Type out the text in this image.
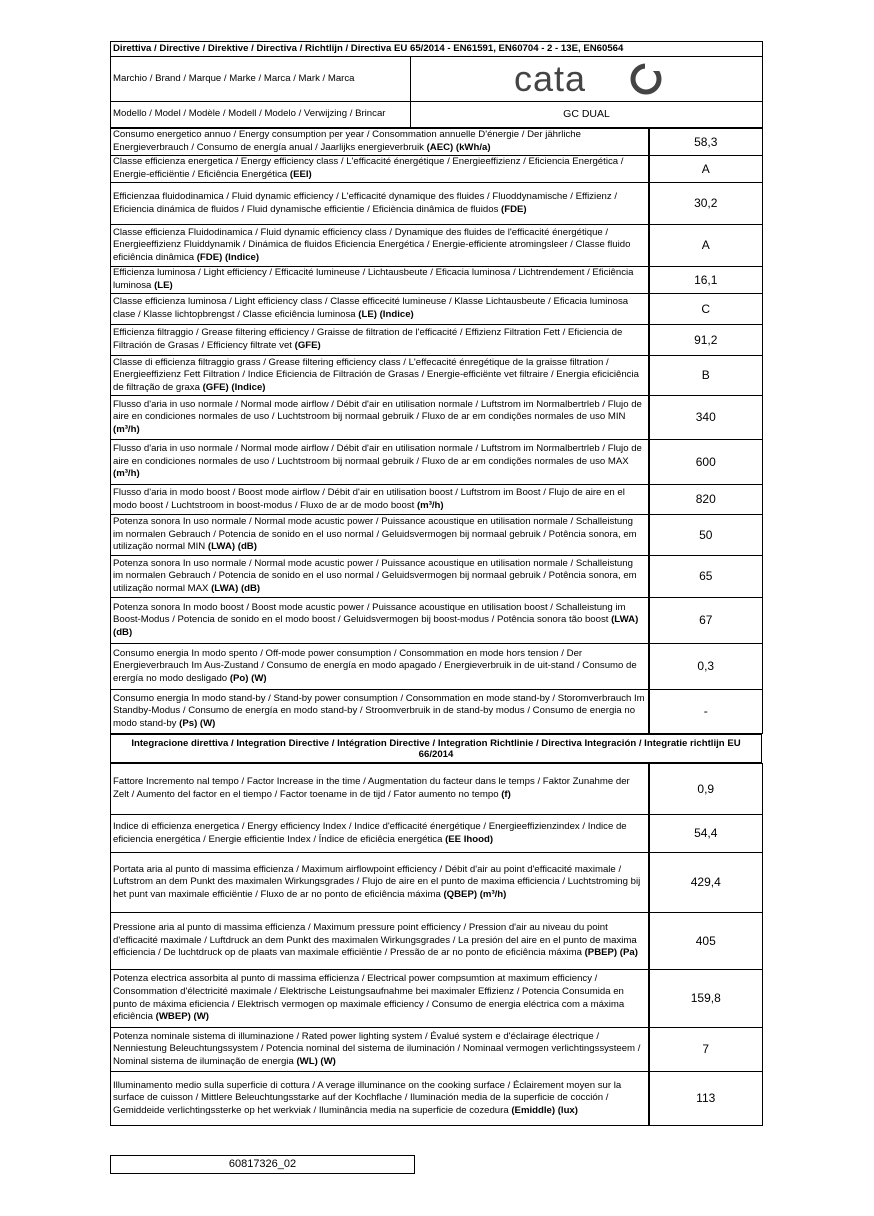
Direttiva / Directive / Direktive / Directiva / Richtlijn / Directiva EU 65/2014 - EN61591, EN60704 - 2 - 13E, EN60564	
Marchio / Brand / Marque / Marke / Marca / Mark / Marca	cata

Modello / Model / Modèle / Modell / Modelo / Verwijzing / Brincar	GC DUAL
Consumo energetico annuo / Energy consumption per year / Consommation annuelle D'énergie / Der jährliche Energieverbrauch / Consumo de energía anual / Jaarlijks energieverbruik (AEC) (kWh/a)	58,3
Classe efficienza energetica / Energy efficiency class / L'efficacité énergétique / Energieeffizienz / Eficiencia Energética / Energie-efficiëntie / Eficiência Energética (EEI)	A
Efficienzaa fluidodinamica / Fluid dynamic efficiency / L'efficacité dynamique des fluides / Fluoddynamische / Effizienz / Eficiencia dinámica de fluidos / Fluid dynamische efficientie / Eficiència dinâmica de fluidos (FDE)	30,2
Classe efficienza Fluidodinamica / Fluid dynamic efficiency class / Dynamique des fluides de l'efficacité énergétique / Energieeffizienz Fluiddynamik / Dinámica de fluidos Eficiencia Energética / Energie-efficiente atromingsleer / Classe fluido eficiência dinâmica (FDE) (Indice)	A
Efficienza luminosa / Light efficiency / Efficacité lumineuse / Lichtausbeute / Eficacia luminosa / Lichtrendement / Eficiência luminosa (LE)	16,1
Classe efficienza luminosa / Light efficiency class / Classe efficecité lumineuse / Klasse Lichtausbeute / Eficacia luminosa clase / Klasse lichtopbrengst / Classe eficiência luminosa (LE) (Indice)	C
Efficienza filtraggio / Grease filtering efficiency / Graisse de filtration de l'efficacité / Effizienz Filtration Fett / Eficiencia de Filtración de Grasas / Efficiency filtrate vet (GFE)	91,2
Classe di efficienza filtraggio grass / Grease filtering efficiency class / L'effecacité énregétique de la graisse filtration / Energieeffizienz Fett Filtration / Indice Eficiencia de Filtración de Grasas / Energie-efficiënte vet filtraire / Energia eficiciência de filtração de graxa (GFE) (Indice)	B
Flusso d'aria in uso normale / Normal mode airflow / Débit d'air en utilisation normale / Luftstrom im Normalbertrleb / Flujo de aire en condiciones normales de uso / Luchtstroom bij normaal gebruik / Fluxo de ar em condições normales de uso MIN (m³/h)	340
Flusso d'aria in uso normale / Normal mode airflow / Débit d'air en utilisation normale / Luftstrom im Normalbertrleb / Flujo de aire en condiciones normales de uso / Luchtstroom bij normaal gebruik / Fluxo de ar em condições normales de uso MAX (m³/h)	600
Flusso d'aria in modo boost / Boost mode airflow / Débit d'air en utilisation boost / Luftstrom im Boost / Flujo de aire en el modo boost / Luchtstroom in boost-modus / Fluxo de ar de modo boost (m³/h)	820
Potenza sonora In uso normale / Normal mode acustic power / Puissance acoustique en utilisation normale / Schalleistung im normalen Gebrauch / Potencia de sonido en el uso normal / Geluidsvermogen bij normaal gebruik / Potência sonora, em utilização normal MIN (LWA) (dB)	50
Potenza sonora In uso normale / Normal mode acustic power / Puissance acoustique en utilisation normale / Schalleistung im normalen Gebrauch / Potencia de sonido en el uso normal / Geluidsvermogen bij normaal gebruik / Potência sonora, em utilização normal MAX (LWA) (dB)	65
Potenza sonora In modo boost / Boost mode acustic power / Puissance acoustique en utilisation boost / Schalleistung im Boost-Modus / Potencia de sonido en el modo boost / Geluidsvermogen bij boost-modus / Potência sonora tão boost (LWA) (dB)	67
Consumo energia In modo spento / Off-mode power consumption / Consommation en mode hors tension / Der Energieverbrauch Im Aus-Zustand / Consumo de energía en modo apagado / Energieverbruik in de uit-stand / Consumo de erergía no modo desligado (Po) (W)	0,3
Consumo energia In modo stand-by / Stand-by power consumption / Consommation en mode stand-by / Storomverbrauch Im Standby-Modus / Consumo de energía en modo stand-by / Stroomverbruik in de stand-by modus / Consumo de energia no modo stand-by (Ps) (W)	-
Integracione direttiva / Integration Directive / Intégration Directive / Integration Richtlinie / Directiva Integración / Integratie richtlijn EU 66/2014
Fattore Incremento nal tempo / Factor Increase in the time / Augmentation du facteur dans le temps / Faktor Zunahme der Zelt / Aumento del factor en el tiempo / Factor toename in de tijd / Fator aumento no tempo (f)	0,9
Indice di efficienza energetica / Energy efficiency Index / Indice d'efficacité énergétique / Energieeffizienzindex / Indice de eficiencia energética / Energie efficientie Index / Índice de eficiêcia energética (EE Ihood)	54,4
Portata aria al punto di massima efficienza / Maximum airflowpoint efficiency / Débit d'air au point d'efficacité maximale / Luftstrom an dem Punkt des maximalen Wirkungsgrades / Flujo de aire en el punto de maxima efficiencia / Luchtstroming bij het punt van maximale efficiëntie / Fluxo de ar no ponto de eficiência máxima (QBEP) (m³/h)	429,4
Pressione aria al punto di massima efficienza / Maximum pressure point efficiency / Pression d'air au niveau du point d'efficacité maximale / Luftdruck an dem Punkt des maximalen Wirkungsgrades / La presión del aire en el punto de maxima efficiencia / De luchtdruck op de plaats van maximale efficiëntie / Pressão de ar no ponto de eficiência máxima (PBEP) (Pa)	405
Potenza electrica assorbita al punto di massima efficienza / Electrical power compsumtion at maximum efficiency / Consommation d'électricité maximale / Elektrische Leistungsaufnahme bei maximaler Effizienz / Potencia Consumida en punto de máxima eficiencia / Elektrisch vermogen op maximale efficiency / Consumo de energia eléctrica com a máxima eficiência (WBEP) (W)	159,8
Potenza nominale sistema di illuminazione / Rated power lighting system / Évalué system e d'éclairage électrique / Nenniestung Beleuchtungssystem / Potencia nominal del sistema de iluminación / Nominaal vermogen verlichtingssysteem / Nominal sistema de iluminação de energia (WL) (W)	7
Illuminamento medio sulla superficie di cottura / A verage illuminance on the cooking surface / Éclairement moyen sur la surface de cuisson / Mittlere Beleuchtungsstarke auf der Kochflache / Iluminación media de la superficie de cocción / Gemiddeide verlichtingssterke op het werkviak / Iluminância media na superficie de cozedura (Emiddle) (lux)	113
60817326_02
